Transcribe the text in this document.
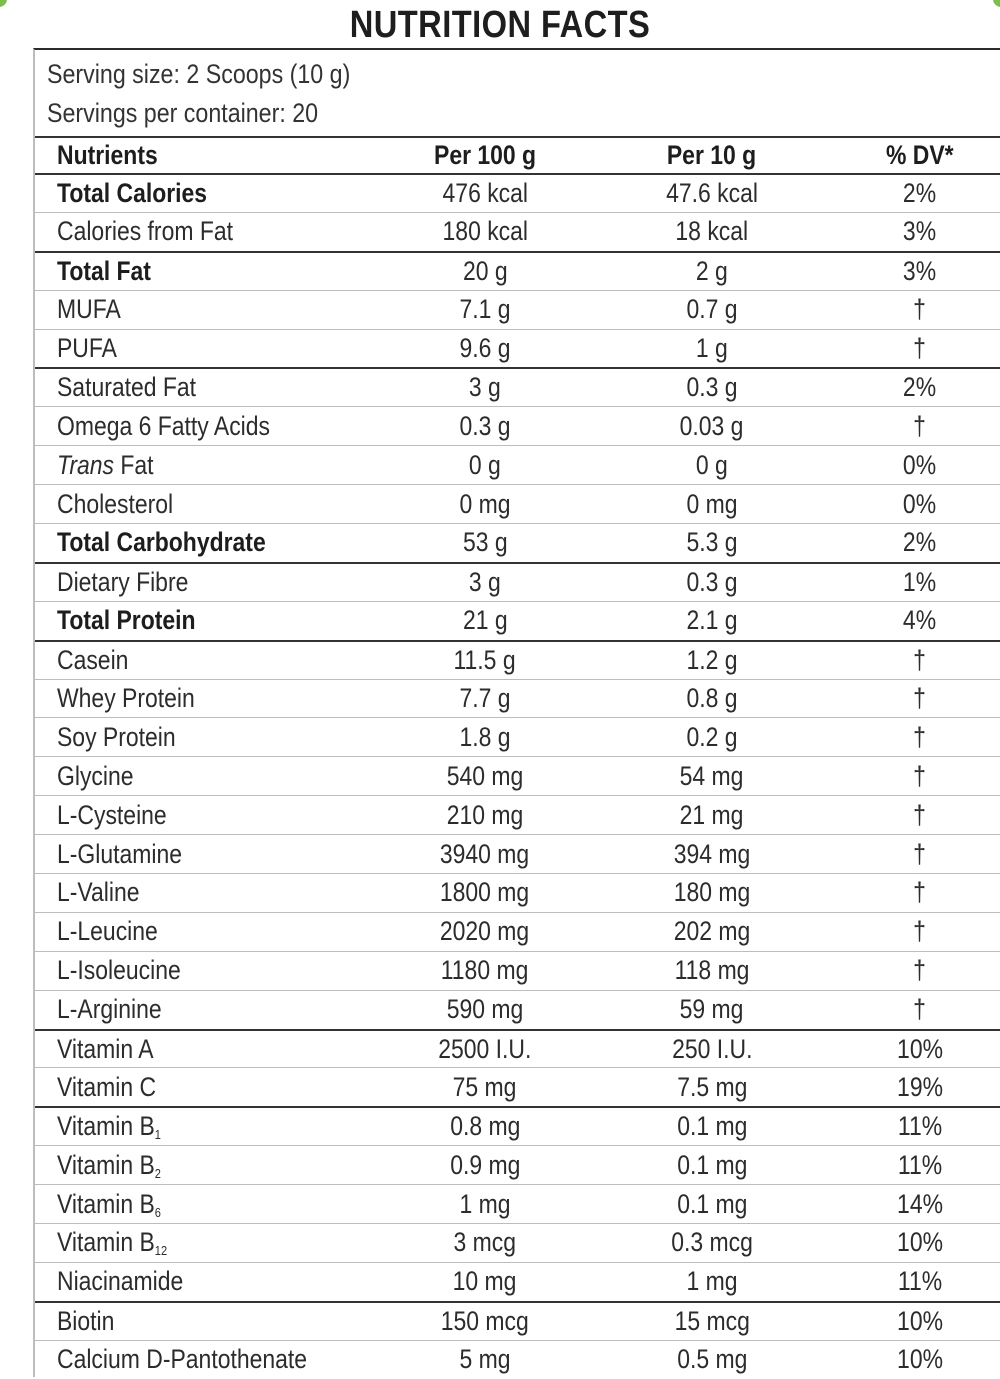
NUTRITION FACTS
Serving size: 2 Scoops (10 g)
Servings per container: 20
Nutrients	Per 100 g	Per 10 g	% DV*
Total Calories	476 kcal	47.6 kcal	2%
Calories from Fat	180 kcal	18 kcal	3%
Total Fat	20 g	2 g	3%
MUFA	7.1 g	0.7 g	†
PUFA	9.6 g	1 g	†
Saturated Fat	3 g	0.3 g	2%
Omega 6 Fatty Acids	0.3 g	0.03 g	†
Trans Fat	0 g	0 g	0%
Cholesterol	0 mg	0 mg	0%
Total Carbohydrate	53 g	5.3 g	2%
Dietary Fibre	3 g	0.3 g	1%
Total Protein	21 g	2.1 g	4%
Casein	11.5 g	1.2 g	†
Whey Protein	7.7 g	0.8 g	†
Soy Protein	1.8 g	0.2 g	†
Glycine	540 mg	54 mg	†
L-Cysteine	210 mg	21 mg	†
L-Glutamine	3940 mg	394 mg	†
L-Valine	1800 mg	180 mg	†
L-Leucine	2020 mg	202 mg	†
L-Isoleucine	1180 mg	118 mg	†
L-Arginine	590 mg	59 mg	†
Vitamin A	2500 I.U.	250 I.U.	10%
Vitamin C	75 mg	7.5 mg	19%
Vitamin $B_1$	0.8 mg	0.1 mg	11%
Vitamin $B_2$	0.9 mg	0.1 mg	11%
Vitamin $B_6$	1 mg	0.1 mg	14%
Vitamin $B_{12}$	3 mcg	0.3 mcg	10%
Niacinamide	10 mg	1 mg	11%
Biotin	150 mcg	15 mcg	10%
Calcium D-Pantothenate	5 mg	0.5 mg	10%
